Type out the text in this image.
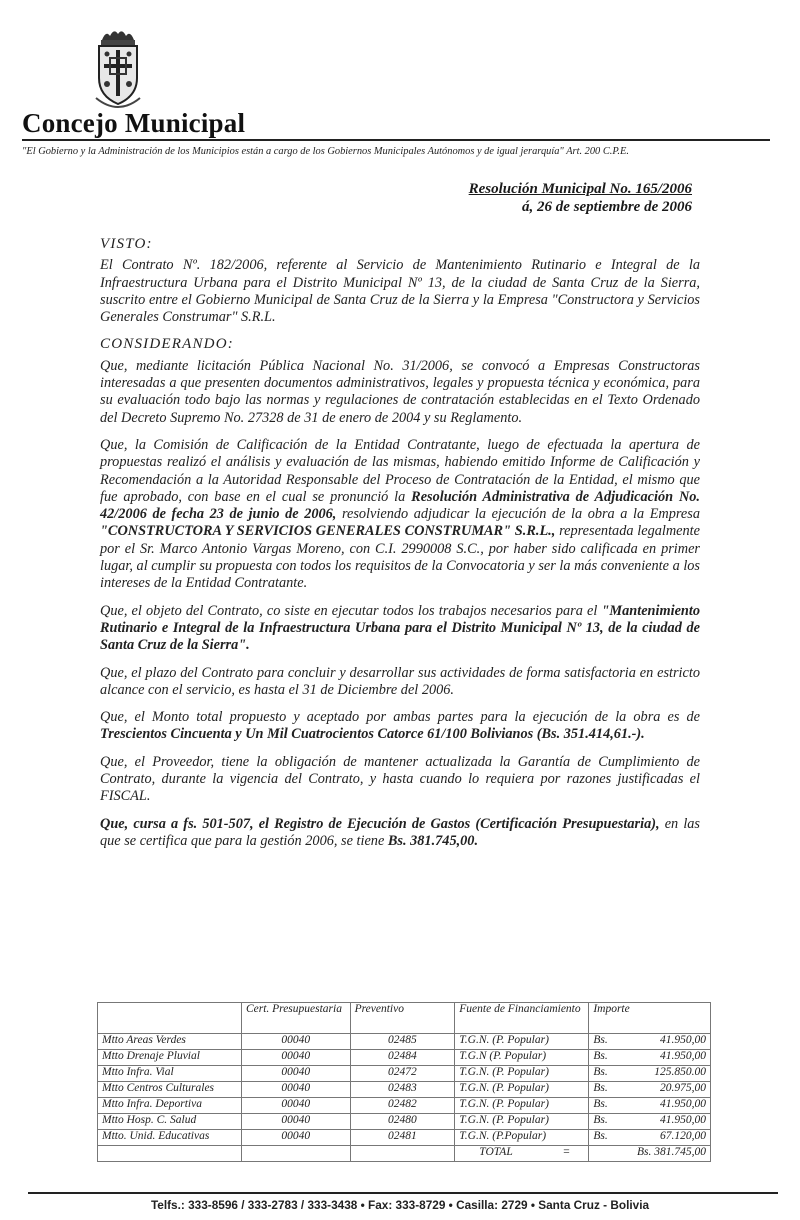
Concejo Municipal
"El Gobierno y la Administración de los Municipios están a cargo de los Gobiernos Municipales Autónomos y de igual jerarquía" Art. 200 C.P.E.
Resolución Municipal No. 165/2006
á, 26 de septiembre de 2006
VISTO:

El Contrato Nº. 182/2006, referente al Servicio de Mantenimiento Rutinario e Integral de la Infraestructura Urbana para el Distrito Municipal Nº 13, de la ciudad de Santa Cruz de la Sierra, suscrito entre el Gobierno Municipal de Santa Cruz de la Sierra y la Empresa "Constructora y Servicios Generales Construmar" S.R.L.

CONSIDERANDO:

Que, mediante licitación Pública Nacional No. 31/2006, se convocó a Empresas Constructoras interesadas a que presenten documentos administrativos, legales y propuesta técnica y económica, para su evaluación todo bajo las normas y regulaciones de contratación establecidas en el Texto Ordenado del Decreto Supremo No. 27328 de 31 de enero de 2004 y su Reglamento.

Que, la Comisión de Calificación de la Entidad Contratante, luego de efectuada la apertura de propuestas realizó el análisis y evaluación de las mismas, habiendo emitido Informe de Calificación y Recomendación a la Autoridad Responsable del Proceso de Contratación de la Entidad, el mismo que fue aprobado, con base en el cual se pronunció la Resolución Administrativa de Adjudicación No. 42/2006 de fecha 23 de junio de 2006, resolviendo adjudicar la ejecución de la obra a la Empresa "CONSTRUCTORA Y SERVICIOS GENERALES CONSTRUMAR" S.R.L., representada legalmente por el Sr. Marco Antonio Vargas Moreno, con C.I. 2990008 S.C., por haber sido calificada en primer lugar, al cumplir su propuesta con todos los requisitos de la Convocatoria y ser la más conveniente a los intereses de la Entidad Contratante.

Que, el objeto del Contrato, co siste en ejecutar todos los trabajos necesarios para el "Mantenimiento Rutinario e Integral de la Infraestructura Urbana para el Distrito Municipal Nº 13, de la ciudad de Santa Cruz de la Sierra".

Que, el plazo del Contrato para concluir y desarrollar sus actividades de forma satisfactoria en estricto alcance con el servicio, es hasta el 31 de Diciembre del 2006.

Que, el Monto total propuesto y aceptado por ambas partes para la ejecución de la obra es de Trescientos Cincuenta y Un Mil Cuatrocientos Catorce 61/100 Bolivianos (Bs. 351.414,61.-).

Que, el Proveedor, tiene la obligación de mantener actualizada la Garantía de Cumplimiento de Contrato, durante la vigencia del Contrato, y hasta cuando lo requiera por razones justificadas el FISCAL.

Que, cursa a fs. 501-507, el Registro de Ejecución de Gastos (Certificación Presupuestaria), en las que se certifica que para la gestión 2006, se tiene Bs. 381.745,00.

	Cert. Presupuestaria	Preventivo	Fuente de Financiamiento	Importe
Mtto Areas Verdes	00040	02485	T.G.N. (P. Popular)	Bs. 41.950,00

Mtto Drenaje Pluvial	00040	02484	T.G.N (P. Popular)	Bs. 41.950,00

Mtto Infra. Vial	00040	02472	T.G.N. (P. Popular)	Bs. 125.850.00

Mtto Centros Culturales	00040	02483	T.G.N. (P. Popular)	Bs. 20.975,00

Mtto Infra. Deportiva	00040	02482	T.G.N. (P. Popular)	Bs. 41.950,00

Mtto Hosp. C. Salud	00040	02480	T.G.N. (P. Popular)	Bs. 41.950,00

Mtto. Unid. Educativas	00040	02481	T.G.N. (P.Popular)	Bs. 67.120,00

			TOTAL =	Bs. 381.745,00
Telfs.: 333-8596 / 333-2783 / 333-3438 • Fax: 333-8729 • Casilla: 2729 • Santa Cruz - Bolivia
